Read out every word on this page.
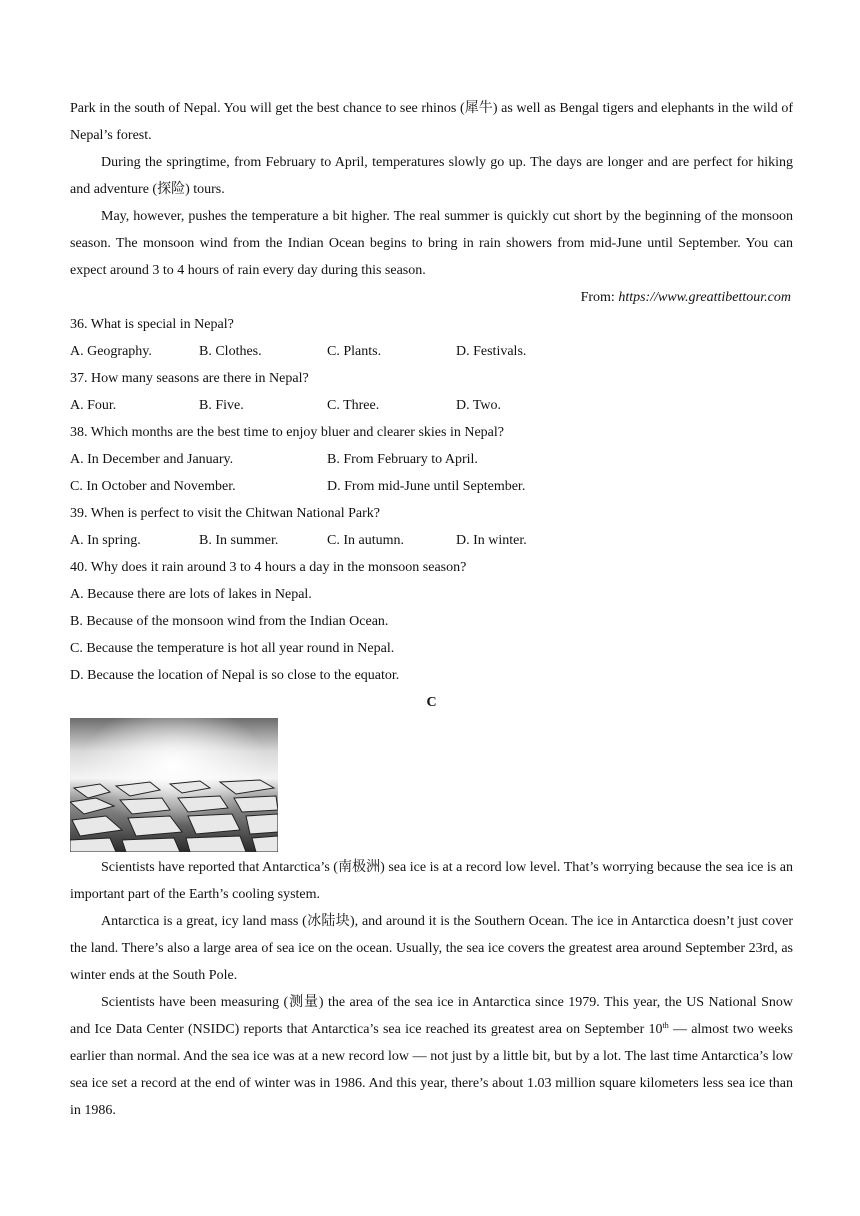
Park in the south of Nepal. You will get the best chance to see rhinos (犀牛) as well as Bengal tigers and elephants in the wild of Nepal’s forest.

During the springtime, from February to April, temperatures slowly go up. The days are longer and are perfect for hiking and adventure (探险) tours.

May, however, pushes the temperature a bit higher. The real summer is quickly cut short by the beginning of the monsoon season. The monsoon wind from the Indian Ocean begins to bring in rain showers from mid-June until September. You can expect around 3 to 4 hours of rain every day during this season.

From: https://www.greattibettour.com
36. What is special in Nepal?
A. Geography.	B. Clothes.	C. Plants.	D. Festivals.
37. How many seasons are there in Nepal?
A. Four.	B. Five.	C. Three.	D. Two.
38. Which months are the best time to enjoy bluer and clearer skies in Nepal?
A. In December and January.	B. From February to April.
C. In October and November.	D. From mid-June until September.
39. When is perfect to visit the Chitwan National Park?
A. In spring.	B. In summer.	C. In autumn.	D. In winter.
40. Why does it rain around 3 to 4 hours a day in the monsoon season?
A. Because there are lots of lakes in Nepal.
B. Because of the monsoon wind from the Indian Ocean.
C. Because the temperature is hot all year round in Nepal.
D. Because the location of Nepal is so close to the equator.
C

Scientists have reported that Antarctica’s (南极洲) sea ice is at a record low level. That’s worrying because the sea ice is an important part of the Earth’s cooling system.

Antarctica is a great, icy land mass (冰陆块), and around it is the Southern Ocean. The ice in Antarctica doesn’t just cover the land. There’s also a large area of sea ice on the ocean. Usually, the sea ice covers the greatest area around September 23rd, as winter ends at the South Pole.

Scientists have been measuring (测量) the area of the sea ice in Antarctica since 1979. This year, the US National Snow and Ice Data Center (NSIDC) reports that Antarctica’s sea ice reached its greatest area on September 10th — almost two weeks earlier than normal. And the sea ice was at a new record low — not just by a little bit, but by a lot. The last time Antarctica’s low sea ice set a record at the end of winter was in 1986. And this year, there’s about 1.03 million square kilometers less sea ice than in 1986.
